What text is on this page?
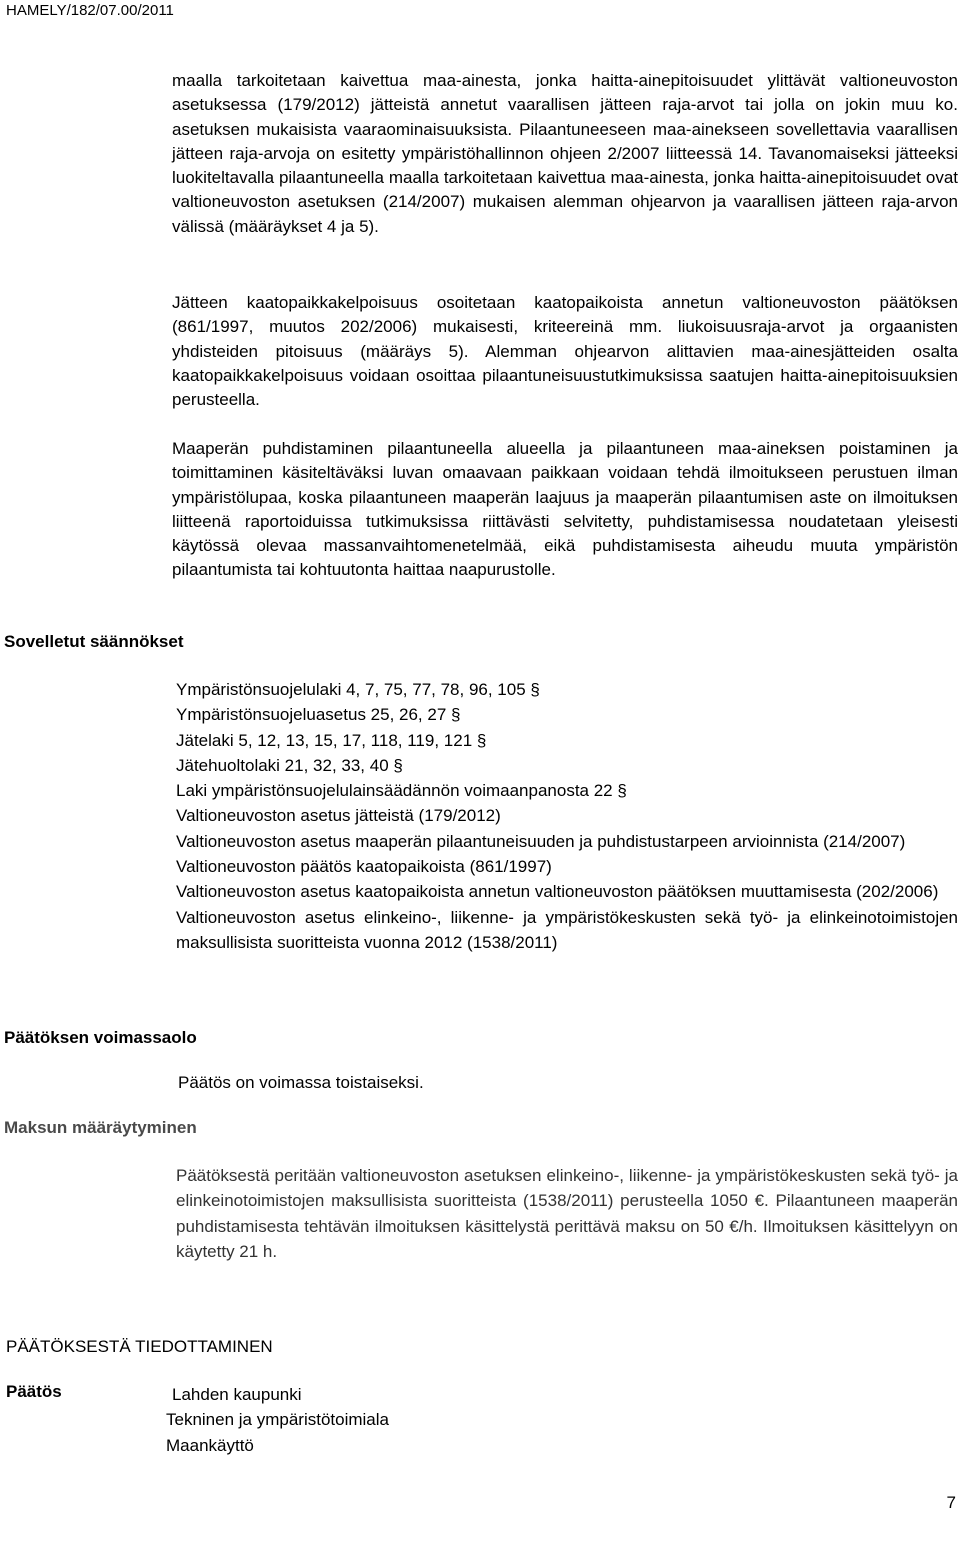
HAMELY/182/07.00/2011
maalla tarkoitetaan kaivettua maa-ainesta, jonka haitta-ainepitoisuudet ylittävät valtioneuvoston asetuksessa (179/2012) jätteistä annetut vaarallisen jätteen raja-arvot tai jolla on jokin muu ko. asetuksen mukaisista vaaraominaisuuksista. Pilaantuneeseen maa-ainekseen sovellettavia vaarallisen jätteen raja-arvoja on esitetty ympäristöhallinnon ohjeen 2/2007 liitteessä 14. Tavanomaiseksi jätteeksi luokiteltavalla pilaantuneella maalla tarkoitetaan kaivettua maa-ainesta, jonka haitta-ainepitoisuudet ovat valtioneuvoston asetuksen (214/2007) mukaisen alemman ohjearvon ja vaarallisen jätteen raja-arvon välissä (määräykset 4 ja 5).
Jätteen kaatopaikkakelpoisuus osoitetaan kaatopaikoista annetun valtioneuvoston päätöksen (861/1997, muutos 202/2006) mukaisesti, kriteereinä mm. liukoisuusraja-arvot ja orgaanisten yhdisteiden pitoisuus (määräys 5). Alemman ohjearvon alittavien maa-ainesjätteiden osalta kaatopaikkakelpoisuus voidaan osoittaa pilaantuneisuustutkimuksissa saatujen haitta-ainepitoisuuksien perusteella.
Maaperän puhdistaminen pilaantuneella alueella ja pilaantuneen maa-aineksen poistaminen ja toimittaminen käsiteltäväksi luvan omaavaan paikkaan voidaan tehdä ilmoitukseen perustuen ilman ympäristölupaa, koska pilaantuneen maaperän laajuus ja maaperän pilaantumisen aste on ilmoituksen liitteenä raportoiduissa tutkimuksissa riittävästi selvitetty, puhdistamisessa noudatetaan yleisesti käytössä olevaa massanvaihtomenetelmää, eikä puhdistamisesta aiheudu muuta ympäristön pilaantumista tai kohtuutonta haittaa naapurustolle.
Sovelletut säännökset
Ympäristönsuojelulaki 4, 7, 75, 77, 78, 96, 105 §
Ympäristönsuojeluasetus 25, 26, 27 §
Jätelaki 5, 12, 13, 15, 17, 118, 119, 121 §
Jätehuoltolaki 21, 32, 33, 40 §
Laki ympäristönsuojelulainsäädännön voimaanpanosta 22 §
Valtioneuvoston asetus jätteistä (179/2012)
Valtioneuvoston asetus maaperän pilaantuneisuuden ja puhdistustarpeen arvioinnista (214/2007)
Valtioneuvoston päätös kaatopaikoista (861/1997)
Valtioneuvoston asetus kaatopaikoista annetun valtioneuvoston päätöksen muuttamisesta (202/2006)
Valtioneuvoston asetus elinkeino-, liikenne- ja ympäristökeskusten sekä työ- ja elinkeinotoimistojen maksullisista suoritteista vuonna 2012 (1538/2011)
Päätöksen voimassaolo
Päätös on voimassa toistaiseksi.
Maksun määräytyminen
Päätöksestä peritään valtioneuvoston asetuksen elinkeino-, liikenne- ja ympäristökeskusten sekä työ- ja elinkeinotoimistojen maksullisista suoritteista (1538/2011) perusteella 1050 €. Pilaantuneen maaperän puhdistamisesta tehtävän ilmoituksen käsittelystä perittävä maksu on 50 €/h. Ilmoituksen käsittelyyn on käytetty 21 h.
PÄÄTÖKSESTÄ TIEDOTTAMINEN
Päätös	Lahden kaupunki
Tekninen ja ympäristötoimiala
Maankäyttö
7
